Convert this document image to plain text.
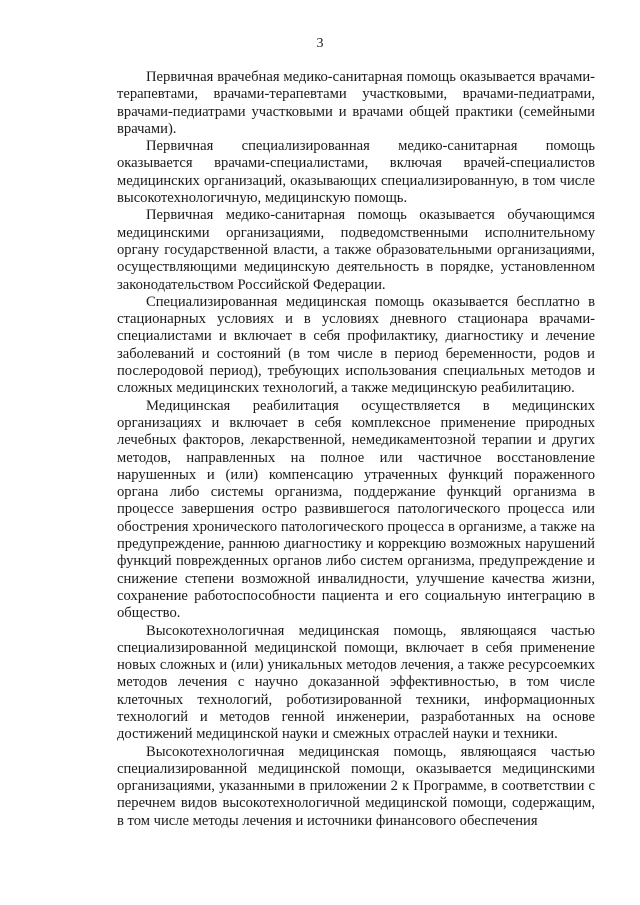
3

Первичная врачебная медико-санитарная помощь оказывается врачами-терапевтами, врачами-терапевтами участковыми, врачами-педиатрами, врачами-педиатрами участковыми и врачами общей практики (семейными врачами).

Первичная специализированная медико-санитарная помощь оказывается врачами-специалистами, включая врачей-специалистов медицинских организаций, оказывающих специализированную, в том числе высокотехнологичную, медицинскую помощь.

Первичная медико-санитарная помощь оказывается обучающимся медицинскими организациями, подведомственными исполнительному органу государственной власти, а также образовательными организациями, осуществляющими медицинскую деятельность в порядке, установленном законодательством Российской Федерации.

Специализированная медицинская помощь оказывается бесплатно в стационарных условиях и в условиях дневного стационара врачами-специалистами и включает в себя профилактику, диагностику и лечение заболеваний и состояний (в том числе в период беременности, родов и послеродовой период), требующих использования специальных методов и сложных медицинских технологий, а также медицинскую реабилитацию.

Медицинская реабилитация осуществляется в медицинских организациях и включает в себя комплексное применение природных лечебных факторов, лекарственной, немедикаментозной терапии и других методов, направленных на полное или частичное восстановление нарушенных и (или) компенсацию утраченных функций пораженного органа либо системы организма, поддержание функций организма в процессе завершения остро развившегося патологического процесса или обострения хронического патологического процесса в организме, а также на предупреждение, раннюю диагностику и коррекцию возможных нарушений функций поврежденных органов либо систем организма, предупреждение и снижение степени возможной инвалидности, улучшение качества жизни, сохранение работоспособности пациента и его социальную интеграцию в общество.

Высокотехнологичная медицинская помощь, являющаяся частью специализированной медицинской помощи, включает в себя применение новых сложных и (или) уникальных методов лечения, а также ресурсоемких методов лечения с научно доказанной эффективностью, в том числе клеточных технологий, роботизированной техники, информационных технологий и методов генной инженерии, разработанных на основе достижений медицинской науки и смежных отраслей науки и техники.

Высокотехнологичная медицинская помощь, являющаяся частью специализированной медицинской помощи, оказывается медицинскими организациями, указанными в приложении 2 к Программе, в соответствии с перечнем видов высокотехнологичной медицинской помощи, содержащим, в том числе методы лечения и источники финансового обеспечения
